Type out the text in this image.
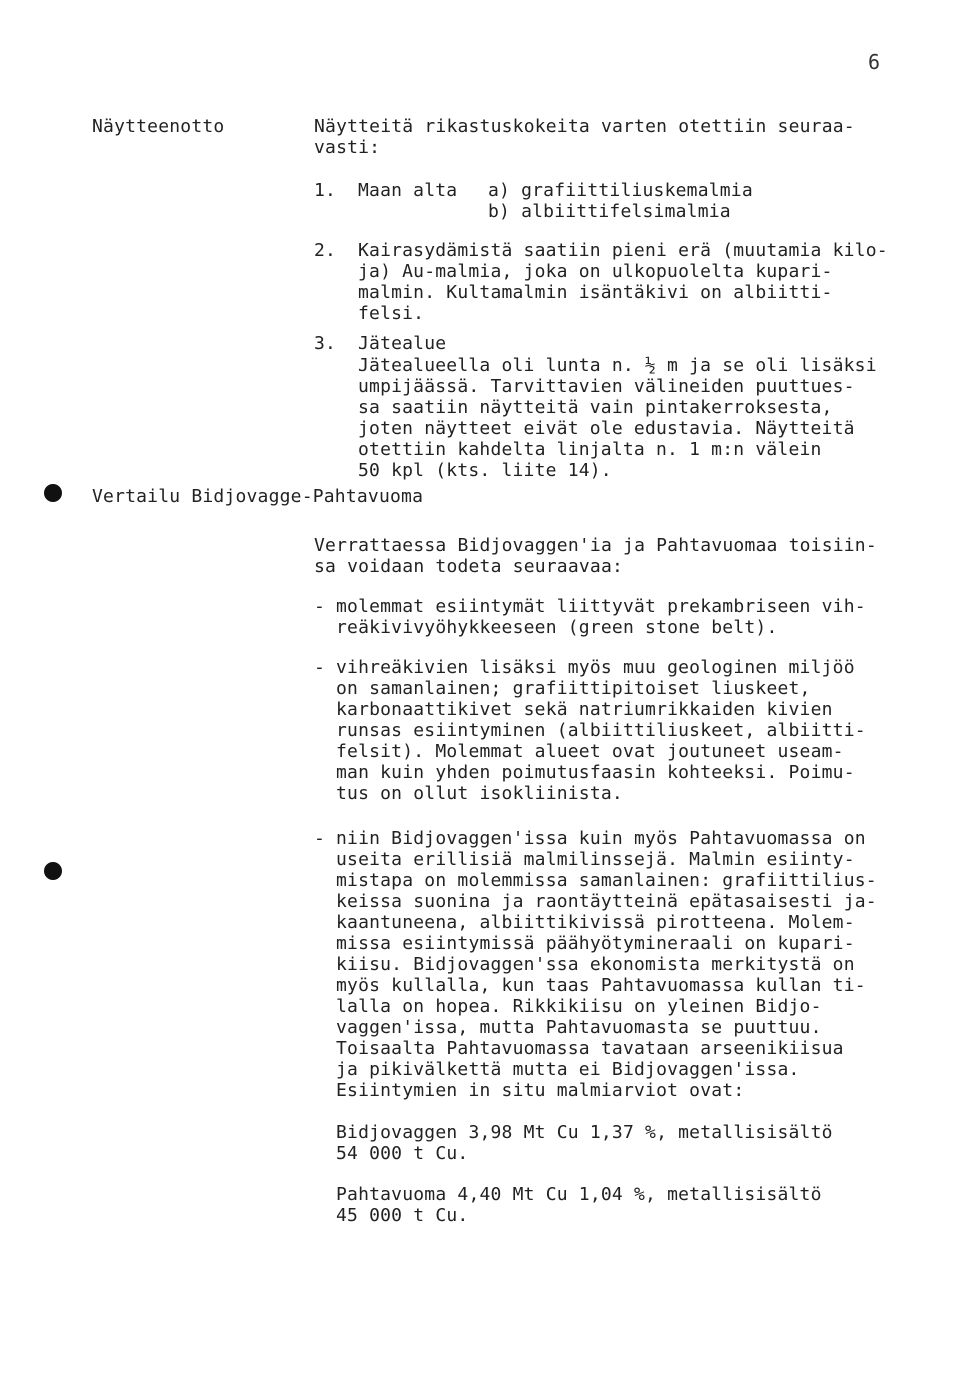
6
Näytteenotto
Vertailu Bidjovagge-Pahtavuoma
Näytteitä rikastuskokeita varten otettiin seuraa-
vasti:
1. Maan alta a) grafiittiliuskemalmia
b) albiittifelsimalmia
2. Kairasydämistä saatiin pieni erä (muutamia kilo-
ja) Au-malmia, joka on ulkopuolelta kupari-
malmin. Kultamalmin isäntäkivi on albiitti-
felsi.
3. Jätealue
Jätealueella oli lunta n. ½ m ja se oli lisäksi
umpijäässä. Tarvittavien välineiden puuttues-
sa saatiin näytteitä vain pintakerroksesta,
joten näytteet eivät ole edustavia. Näytteitä
otettiin kahdelta linjalta n. 1 m:n välein
50 kpl (kts. liite 14).
Verrattaessa Bidjovaggen'ia ja Pahtavuomaa toisiin-
sa voidaan todeta seuraavaa:
- molemmat esiintymät liittyvät prekambriseen vih-
reäkivivyöhykkeeseen (green stone belt).
- vihreäkivien lisäksi myös muu geologinen miljöö
on samanlainen; grafiittipitoiset liuskeet,
karbonaattikivet sekä natriumrikkaiden kivien
runsas esiintyminen (albiittiliuskeet, albiitti-
felsit). Molemmat alueet ovat joutuneet useam-
man kuin yhden poimutusfaasin kohteeksi. Poimu-
tus on ollut isokliinista.
- niin Bidjovaggen'issa kuin myös Pahtavuomassa on
useita erillisiä malmilinssejä. Malmin esiinty-
mistapa on molemmissa samanlainen: grafiittilius-
keissa suonina ja raontäytteinä epätasaisesti ja-
kaantuneena, albiittikivissä pirotteena. Molem-
missa esiintymissä päähyötymineraali on kupari-
kiisu. Bidjovaggen'ssa ekonomista merkitystä on
myös kullalla, kun taas Pahtavuomassa kullan ti-
lalla on hopea. Rikkikiisu on yleinen Bidjo-
vaggen'issa, mutta Pahtavuomasta se puuttuu.
Toisaalta Pahtavuomassa tavataan arseenikiisua
ja pikivälkettä mutta ei Bidjovaggen'issa.
Esiintymien in situ malmiarviot ovat:
Bidjovaggen 3,98 Mt Cu 1,37 %, metallisisältö
54 000 t Cu.
Pahtavuoma 4,40 Mt Cu 1,04 %, metallisisältö
45 000 t Cu.
